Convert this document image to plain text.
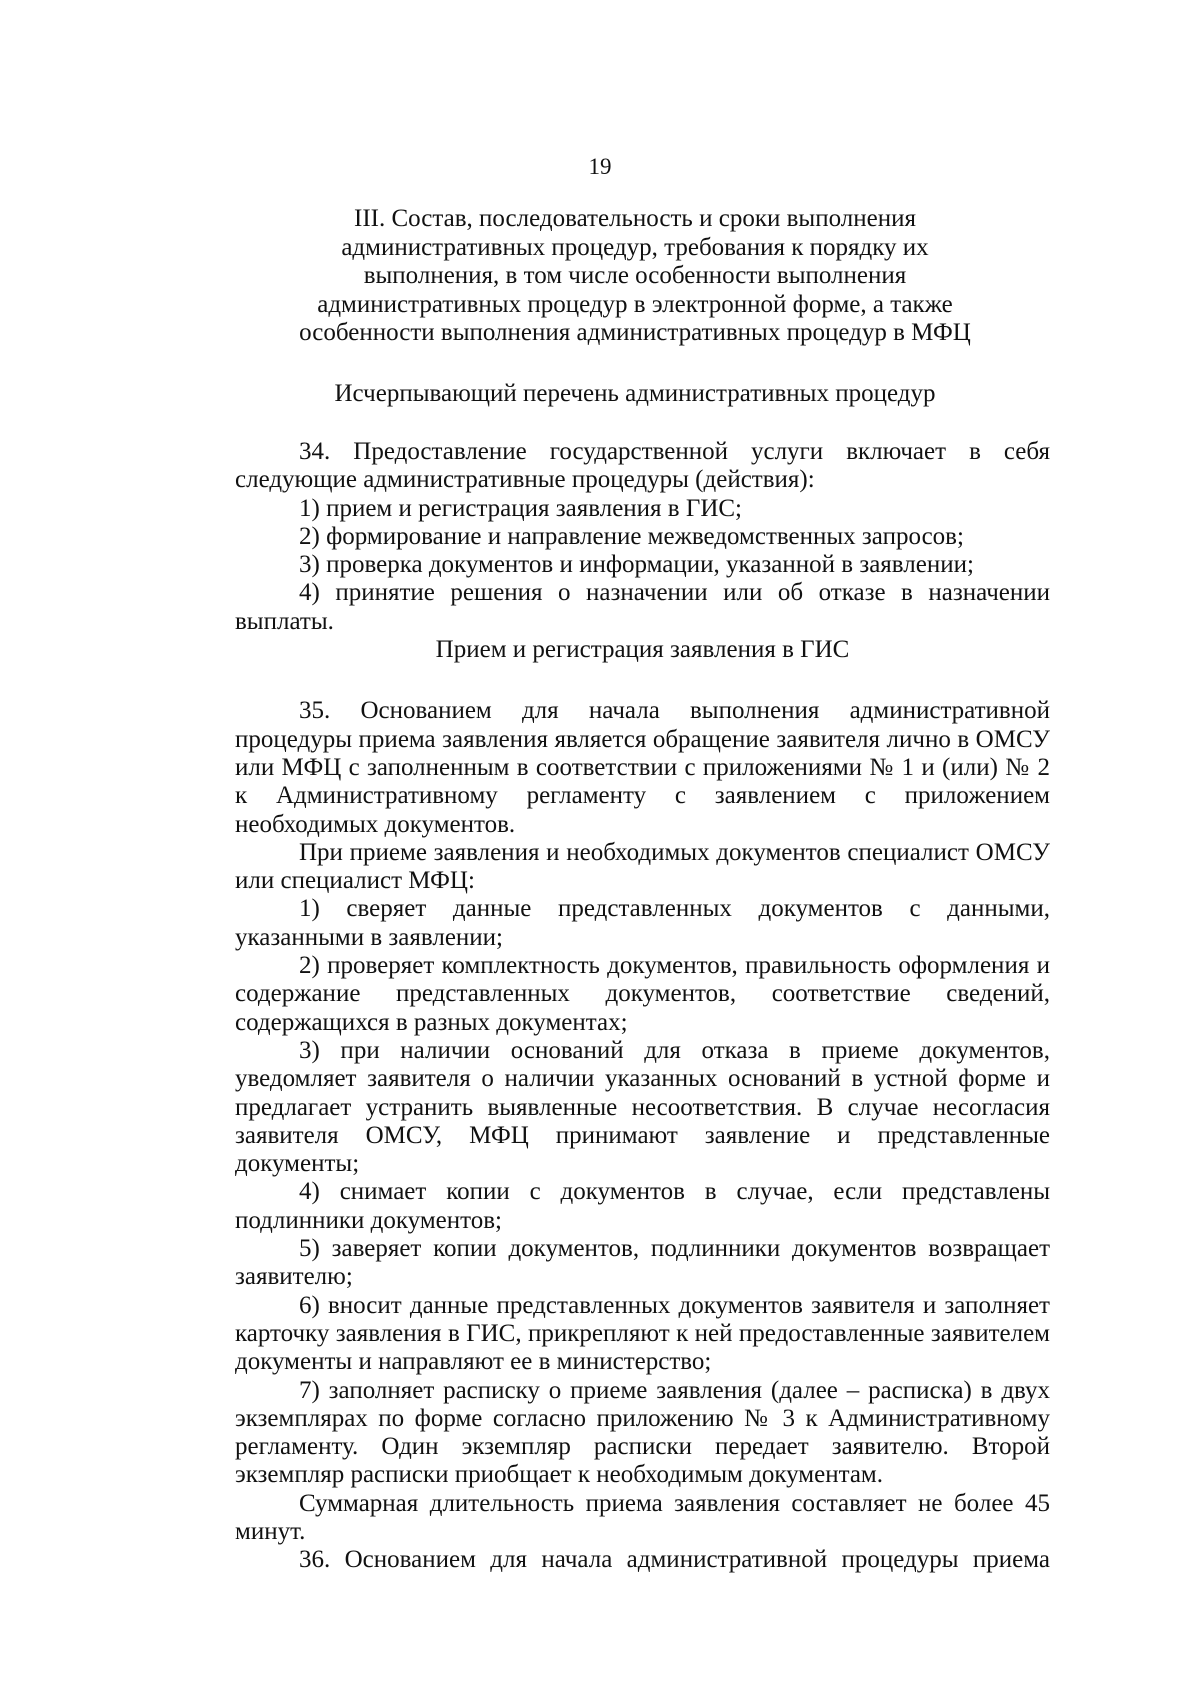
19
III. Состав, последовательность и сроки выполнения
административных процедур, требования к порядку их
выполнения, в том числе особенности выполнения
административных процедур в электронной форме, а также
особенности выполнения административных процедур в МФЦ
Исчерпывающий перечень административных процедур

34. Предоставление государственной услуги включает в себя следующие административные процедуры (действия):

1) прием и регистрация заявления в ГИС;

2) формирование и направление межведомственных запросов;

3) проверка документов и информации, указанной в заявлении;

4) принятие решения о назначении или об отказе в назначении выплаты.

Прием и регистрация заявления в ГИС

35. Основанием для начала выполнения административной процедуры приема заявления является обращение заявителя лично в ОМСУ или МФЦ с заполненным в соответствии с приложениями № 1 и (или) № 2 к Административному регламенту с заявлением с приложением необходимых документов.

При приеме заявления и необходимых документов специалист ОМСУ или специалист МФЦ:

1) сверяет данные представленных документов с данными, указанными в заявлении;

2) проверяет комплектность документов, правильность оформления и содержание представленных документов, соответствие сведений, содержащихся в разных документах;

3) при наличии оснований для отказа в приеме документов, уведомляет заявителя о наличии указанных оснований в устной форме и предлагает устранить выявленные несоответствия. В случае несогласия заявителя ОМСУ, МФЦ принимают заявление и представленные документы;

4) снимает копии с документов в случае, если представлены подлинники документов;

5) заверяет копии документов, подлинники документов возвращает заявителю;

6) вносит данные представленных документов заявителя и заполняет карточку заявления в ГИС, прикрепляют к ней предоставленные заявителем документы и направляют ее в министерство;

7) заполняет расписку о приеме заявления (далее – расписка) в двух экземплярах по форме согласно приложению № 3 к Административному регламенту. Один экземпляр расписки передает заявителю. Второй экземпляр расписки приобщает к необходимым документам.

Суммарная длительность приема заявления составляет не более 45 минут.

36. Основанием для начала административной процедуры приема
